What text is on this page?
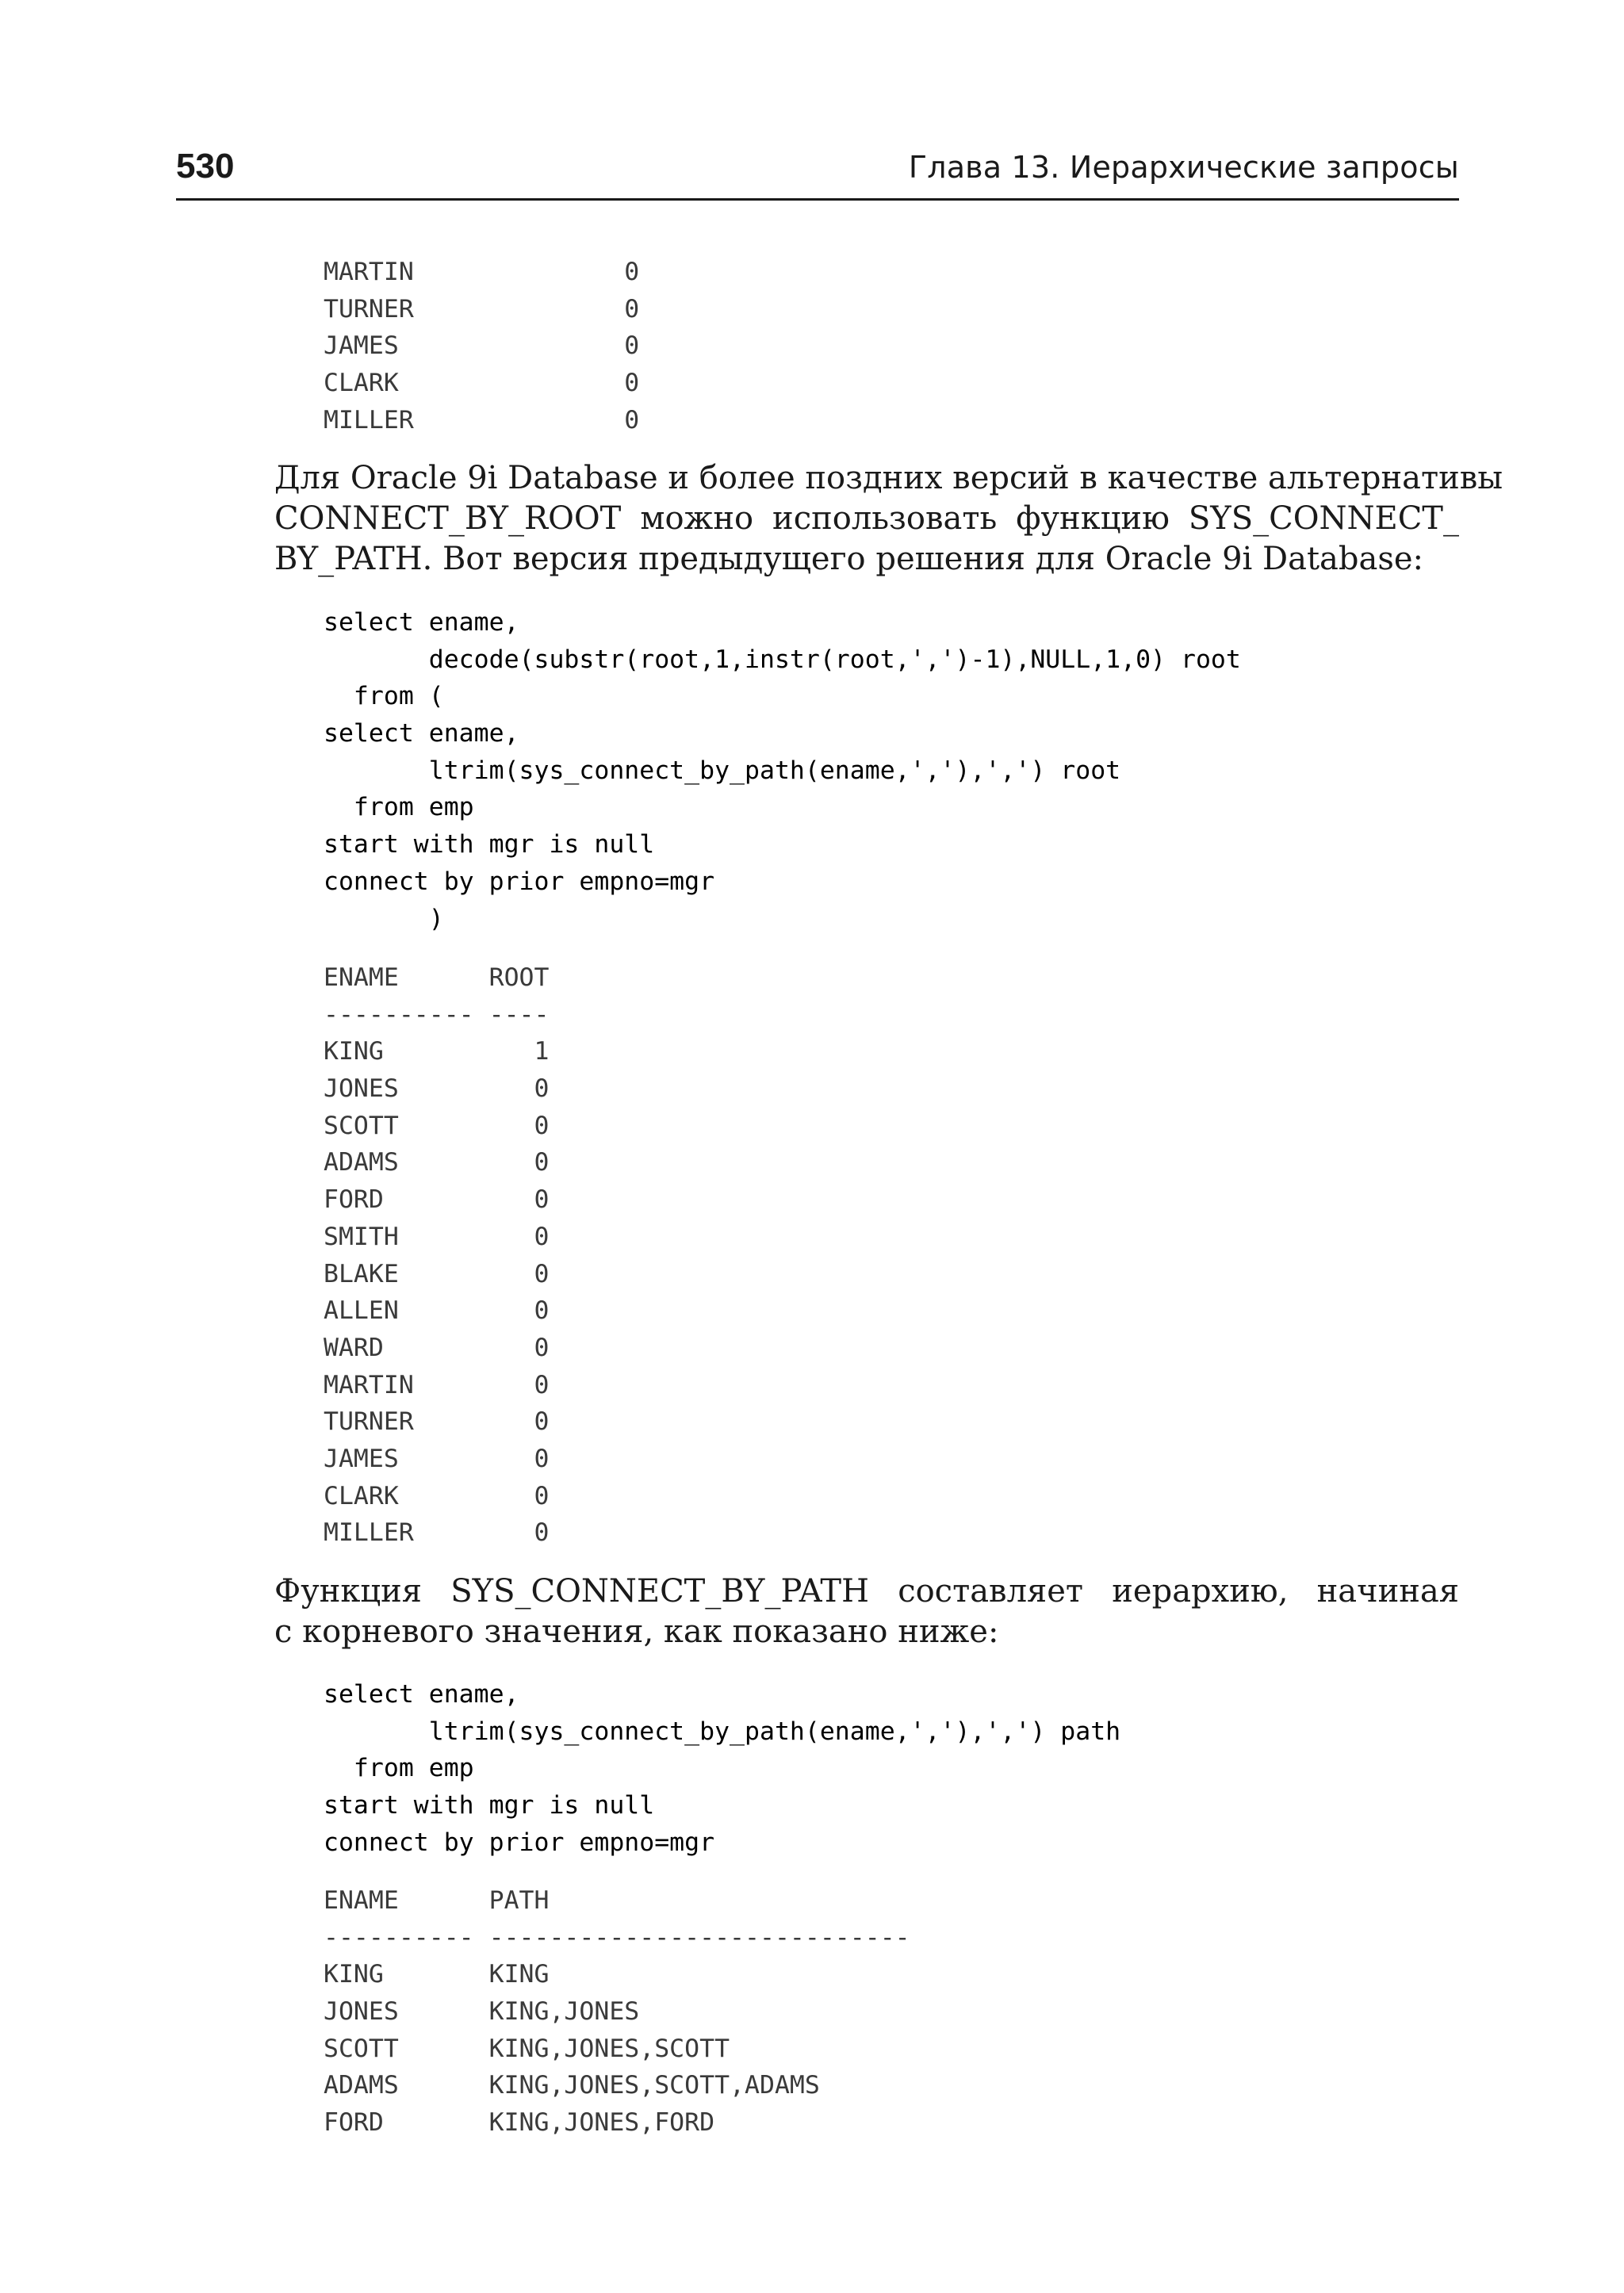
530	Глава 13. Иерархические запросы
MARTIN              0
TURNER              0
JAMES               0
CLARK               0
MILLER              0

Для Oracle 9i Database и более поздних версий в качестве альтернативы
CONNECT_BY_ROOT можно использовать функцию SYS_CONNECT_
BY_PATH. Вот версия предыдущего решения для Oracle 9i Database:

select ename,
decode(substr(root,1,instr(root,',')-1),NULL,1,0) root
from (
select ename,
ltrim(sys_connect_by_path(ename,','),',') root
from emp
start with mgr is null
connect by prior empno=mgr
)
ENAME      ROOT
---------- ----
KING          1
JONES         0
SCOTT         0
ADAMS         0
FORD          0
SMITH         0
BLAKE         0
ALLEN         0
WARD          0
MARTIN        0
TURNER        0
JAMES         0
CLARK         0
MILLER        0

Функция SYS_CONNECT_BY_PATH составляет иерархию, начиная
с корневого значения, как показано ниже:

select ename,
ltrim(sys_connect_by_path(ename,','),',') path
from emp
start with mgr is null
connect by prior empno=mgr
ENAME      PATH
---------- ----------------------------
KING       KING
JONES      KING,JONES
SCOTT      KING,JONES,SCOTT
ADAMS      KING,JONES,SCOTT,ADAMS
FORD       KING,JONES,FORD
